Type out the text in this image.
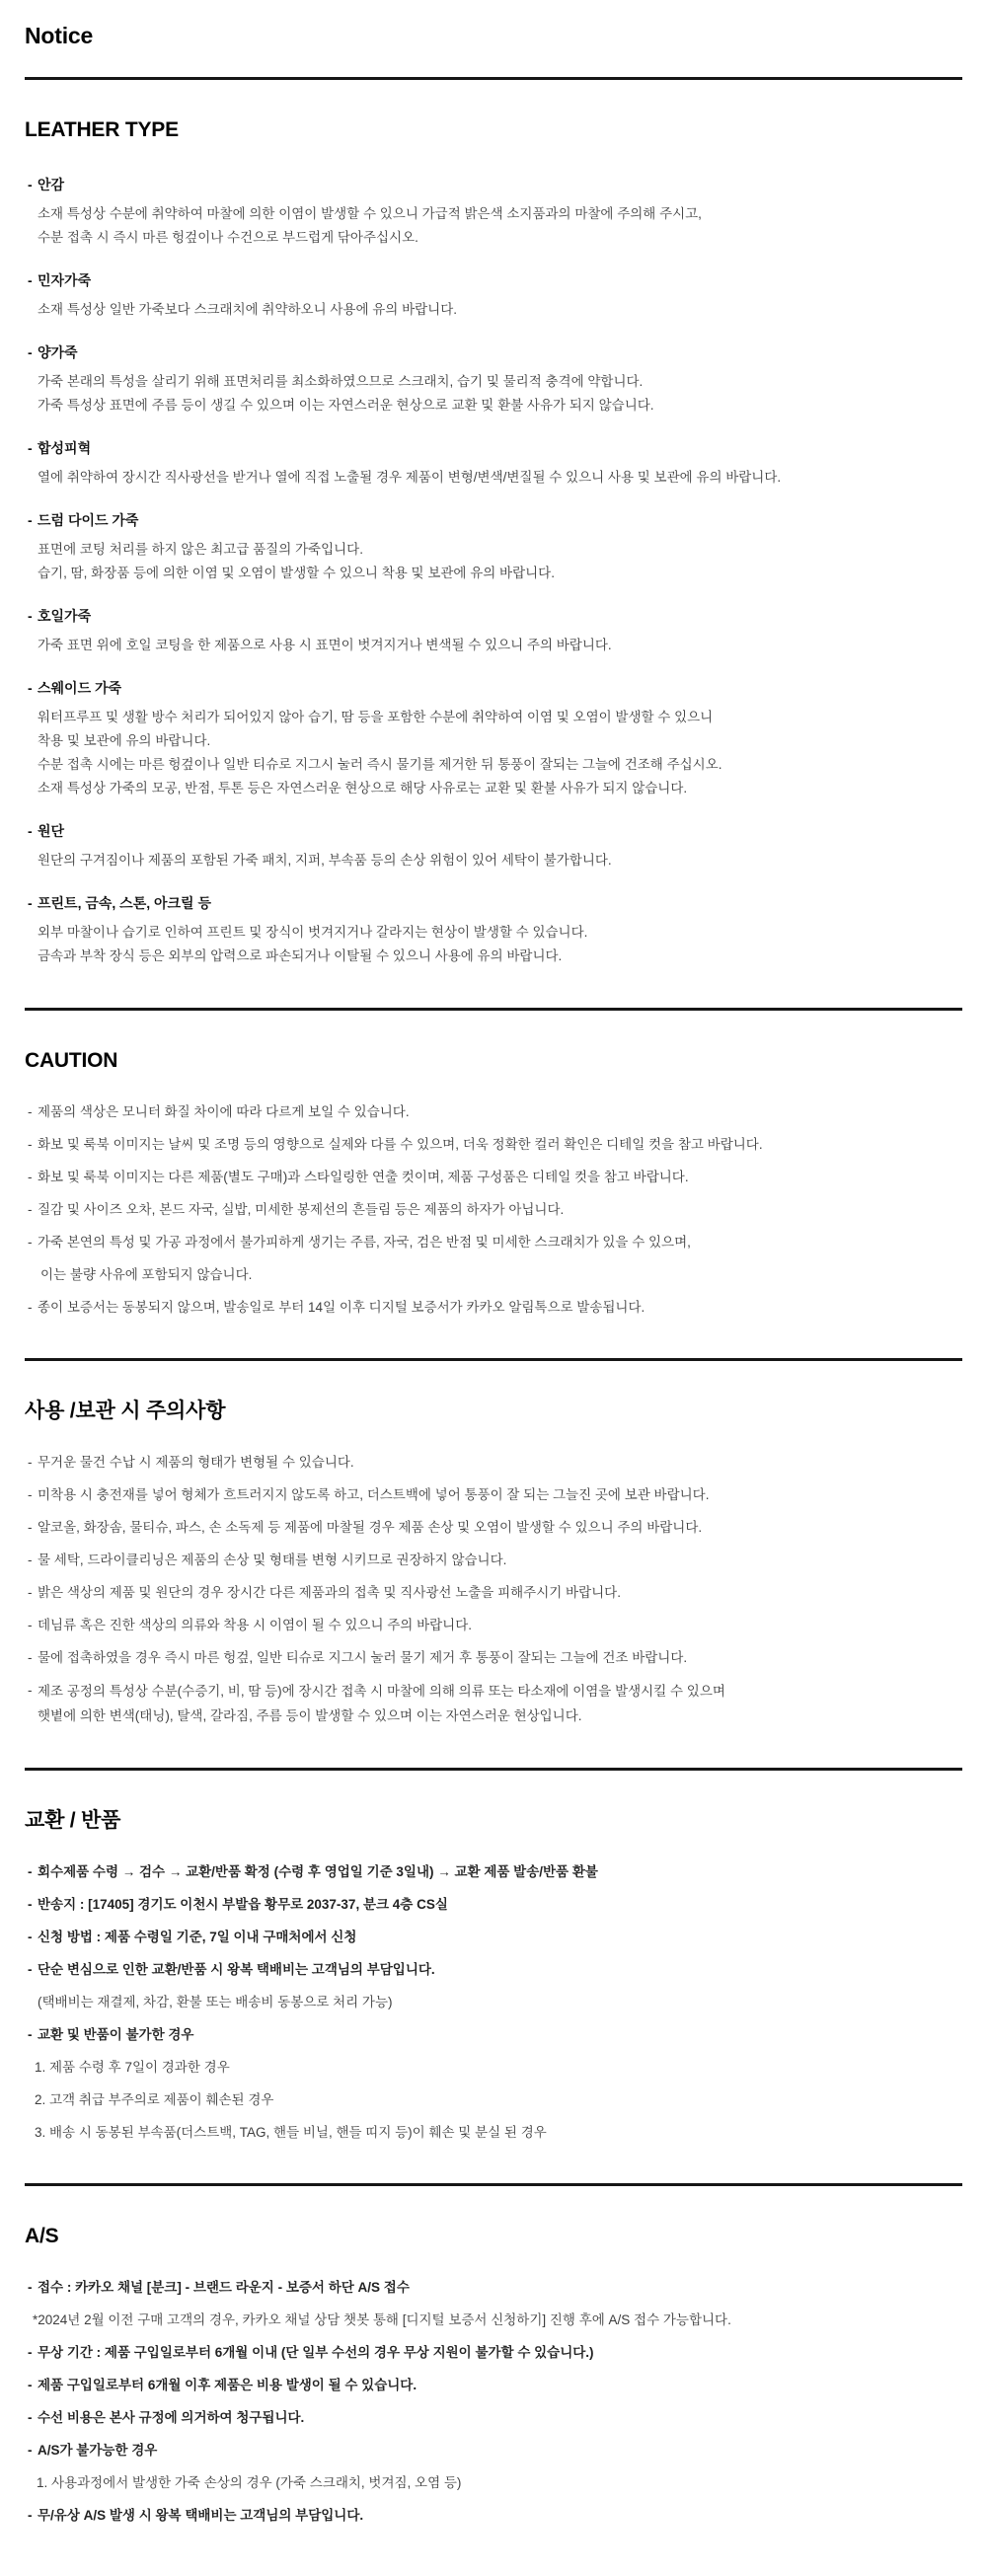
Notice
LEATHER TYPE
- 안감
소재 특성상 수분에 취약하여 마찰에 의한 이염이 발생할 수 있으니 가급적 밝은색 소지품과의 마찰에 주의해 주시고,
수분 접촉 시 즉시 마른 헝겊이나 수건으로 부드럽게 닦아주십시오.
- 민자가죽
소재 특성상 일반 가죽보다 스크래치에 취약하오니 사용에 유의 바랍니다.
- 양가죽
가죽 본래의 특성을 살리기 위해 표면처리를 최소화하였으므로 스크래치, 습기 및 물리적 충격에 약합니다.
가죽 특성상 표면에 주름 등이 생길 수 있으며 이는 자연스러운 현상으로 교환 및 환불 사유가 되지 않습니다.
- 합성피혁
열에 취약하여 장시간 직사광선을 받거나 열에 직접 노출될 경우 제품이 변형/변색/변질될 수 있으니 사용 및 보관에 유의 바랍니다.
- 드럼 다이드 가죽
표면에 코팅 처리를 하지 않은 최고급 품질의 가죽입니다.
습기, 땀, 화장품 등에 의한 이염 및 오염이 발생할 수 있으니 착용 및 보관에 유의 바랍니다.
- 호일가죽
가죽 표면 위에 호일 코팅을 한 제품으로 사용 시 표면이 벗겨지거나 변색될 수 있으니 주의 바랍니다.
- 스웨이드 가죽
워터프루프 및 생활 방수 처리가 되어있지 않아 습기, 땀 등을 포함한 수분에 취약하여 이염 및 오염이 발생할 수 있으니
착용 및 보관에 유의 바랍니다.
수분 접촉 시에는 마른 헝겊이나 일반 티슈로 지그시 눌러 즉시 물기를 제거한 뒤 통풍이 잘되는 그늘에 건조해 주십시오.
소재 특성상 가죽의 모공, 반점, 투톤 등은 자연스러운 현상으로 해당 사유로는 교환 및 환불 사유가 되지 않습니다.
- 원단
원단의 구겨짐이나 제품의 포함된 가죽 패치, 지퍼, 부속품 등의 손상 위험이 있어 세탁이 불가합니다.
- 프린트, 금속, 스톤, 아크릴 등
외부 마찰이나 습기로 인하여 프린트 및 장식이 벗겨지거나 갈라지는 현상이 발생할 수 있습니다.
금속과 부착 장식 등은 외부의 압력으로 파손되거나 이탈될 수 있으니 사용에 유의 바랍니다.
CAUTION
- 제품의 색상은 모니터 화질 차이에 따라 다르게 보일 수 있습니다.
- 화보 및 룩북 이미지는 날씨 및 조명 등의 영향으로 실제와 다를 수 있으며, 더욱 정확한 컬러 확인은 디테일 컷을 참고 바랍니다.
- 화보 및 룩북 이미지는 다른 제품(별도 구매)과 스타일링한 연출 컷이며, 제품 구성품은 디테일 컷을 참고 바랍니다.
- 질감 및 사이즈 오차, 본드 자국, 실밥, 미세한 봉제선의 흔들림 등은 제품의 하자가 아닙니다.
- 가죽 본연의 특성 및 가공 과정에서 불가피하게 생기는 주름, 자국, 검은 반점 및 미세한 스크래치가 있을 수 있으며,
이는 불량 사유에 포함되지 않습니다.
- 종이 보증서는 동봉되지 않으며, 발송일로 부터 14일 이후 디지털 보증서가 카카오 알림톡으로 발송됩니다.
사용 /보관 시 주의사항
- 무거운 물건 수납 시 제품의 형태가 변형될 수 있습니다.
- 미착용 시 충전재를 넣어 형체가 흐트러지지 않도록 하고, 더스트백에 넣어 통풍이 잘 되는 그늘진 곳에 보관 바랍니다.
- 알코올, 화장솜, 물티슈, 파스, 손 소독제 등 제품에 마찰될 경우 제품 손상 및 오염이 발생할 수 있으니 주의 바랍니다.
- 물 세탁, 드라이클리닝은 제품의 손상 및 형태를 변형 시키므로 권장하지 않습니다.
- 밝은 색상의 제품 및 원단의 경우 장시간 다른 제품과의 접촉 및 직사광선 노출을 피해주시기 바랍니다.
- 데님류 혹은 진한 색상의 의류와 착용 시 이염이 될 수 있으니 주의 바랍니다.
- 물에 접촉하였을 경우 즉시 마른 헝겊, 일반 티슈로 지그시 눌러 물기 제거 후 통풍이 잘되는 그늘에 건조 바랍니다.
- 제조 공정의 특성상 수분(수증기, 비, 땀 등)에 장시간 접촉 시 마찰에 의해 의류 또는 타소재에 이염을 발생시킬 수 있으며
햇볕에 의한 변색(태닝), 탈색, 갈라짐, 주름 등이 발생할 수 있으며 이는 자연스러운 현상입니다.
교환 / 반품
- 회수제품 수령 → 검수 → 교환/반품 확정 (수령 후 영업일 기준 3일내) → 교환 제품 발송/반품 환불
- 반송지 : [17405] 경기도 이천시 부발읍 황무로 2037-37, 분크 4층 CS실
- 신청 방법 : 제품 수령일 기준, 7일 이내 구매처에서 신청
- 단순 변심으로 인한 교환/반품 시 왕복 택배비는 고객님의 부담입니다.
(택배비는 재결제, 차감, 환불 또는 배송비 동봉으로 처리 가능)
- 교환 및 반품이 불가한 경우
1. 제품 수령 후 7일이 경과한 경우
2. 고객 취급 부주의로 제품이 훼손된 경우
3. 배송 시 동봉된 부속품(더스트백, TAG, 핸들 비닐, 핸들 띠지 등)이 훼손 및 분실 된 경우
A/S
- 접수 : 카카오 채널 [분크] - 브랜드 라운지 - 보증서 하단 A/S 접수
*2024년 2월 이전 구매 고객의 경우, 카카오 채널 상담 챗봇 통해 [디지털 보증서 신청하기] 진행 후에 A/S 접수 가능합니다.
- 무상 기간 : 제품 구입일로부터 6개월 이내 (단 일부 수선의 경우 무상 지원이 불가할 수 있습니다.)
- 제품 구입일로부터 6개월 이후 제품은 비용 발생이 될 수 있습니다.
- 수선 비용은 본사 규정에 의거하여 청구됩니다.
- A/S가 불가능한 경우
1. 사용과정에서 발생한 가죽 손상의 경우 (가죽 스크래치, 벗겨짐, 오염 등)
- 무/유상 A/S 발생 시 왕복 택배비는 고객님의 부담입니다.
